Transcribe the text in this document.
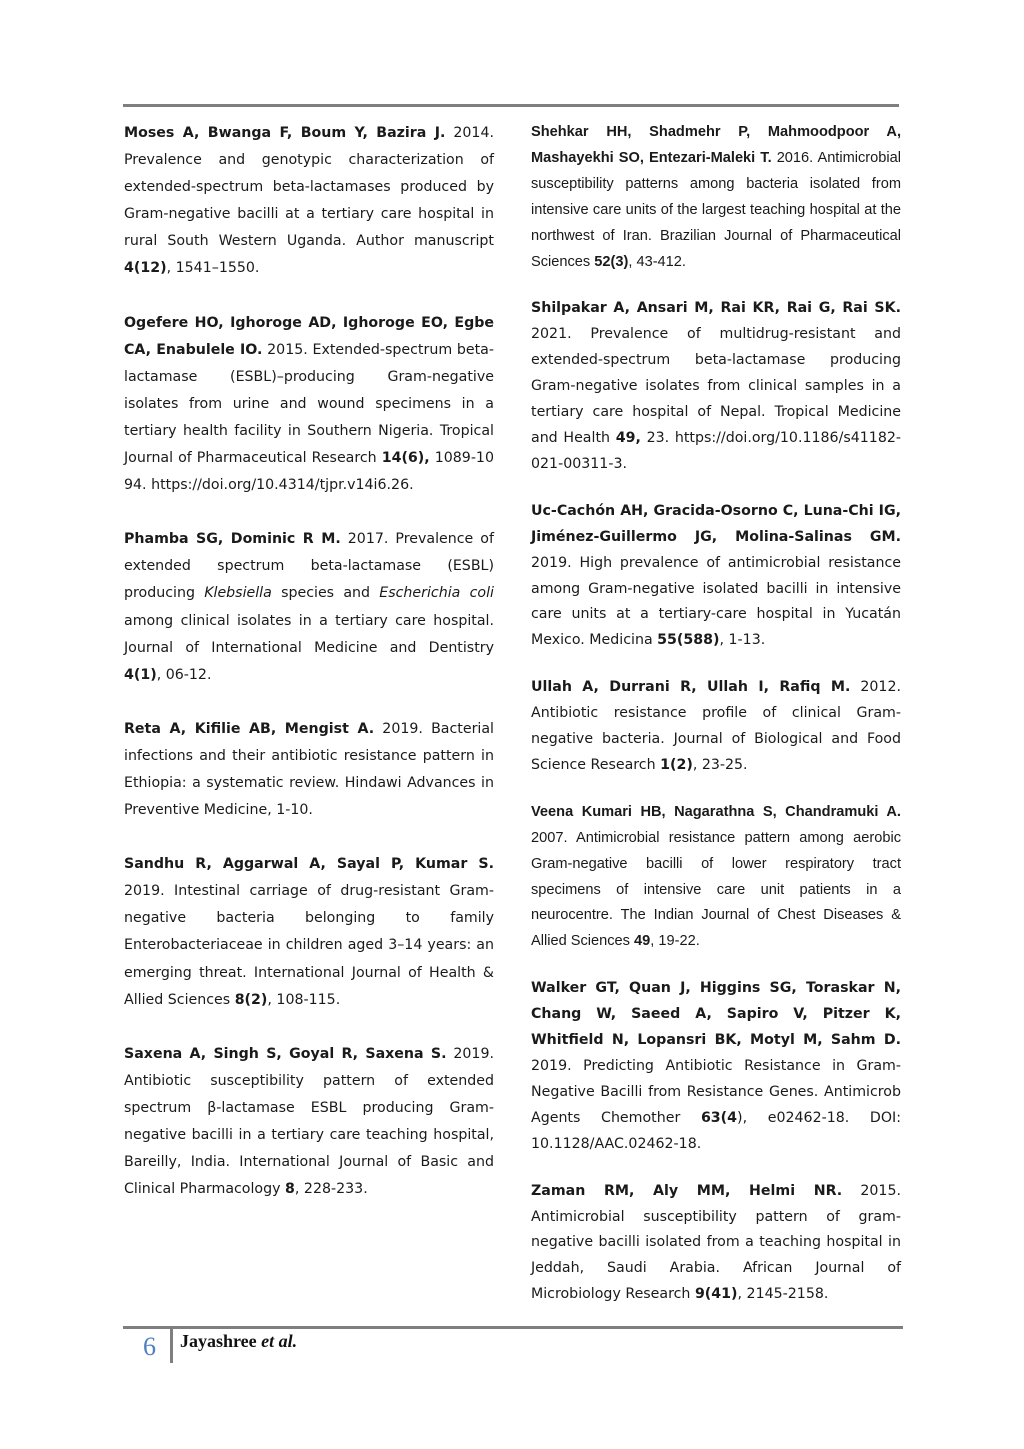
Moses A, Bwanga F, Boum Y, Bazira J. 2014. Prevalence and genotypic characterization of extended-spectrum beta-lactamases produced by Gram-negative bacilli at a tertiary care hospital in rural South Western Uganda. Author manuscript 4(12), 1541–1550.

Ogefere HO, Ighoroge AD, Ighoroge EO, Egbe CA, Enabulele IO. 2015. Extended-spectrum beta-lactamase (ESBL)–producing Gram-negative isolates from urine and wound specimens in a tertiary health facility in Southern Nigeria. Tropical Journal of Pharmaceutical Research 14(6), 1089-1094. https://doi.org/10.4314/tjpr.v14i6.26.

Phamba SG, Dominic R M. 2017. Prevalence of extended spectrum beta-lactamase (ESBL) producing Klebsiella species and Escherichia coli among clinical isolates in a tertiary care hospital. Journal of International Medicine and Dentistry 4(1), 06-12.

Reta A, Kifilie AB, Mengist A. 2019. Bacterial infections and their antibiotic resistance pattern in Ethiopia: a systematic review. Hindawi Advances in Preventive Medicine, 1-10.

Sandhu R, Aggarwal A, Sayal P, Kumar S. 2019. Intestinal carriage of drug-resistant Gram-negative bacteria belonging to family Enterobacteriaceae in children aged 3–14 years: an emerging threat. International Journal of Health & Allied Sciences 8(2), 108-115.

Saxena A, Singh S, Goyal R, Saxena S. 2019. Antibiotic susceptibility pattern of extended spectrum β-lactamase ESBL producing Gram-negative bacilli in a tertiary care teaching hospital, Bareilly, India. International Journal of Basic and Clinical Pharmacology 8, 228-233.

Shehkar HH, Shadmehr P, Mahmoodpoor A, Mashayekhi SO, Entezari-Maleki T. 2016. Antimicrobial susceptibility patterns among bacteria isolated from intensive care units of the largest teaching hospital at the northwest of Iran. Brazilian Journal of Pharmaceutical Sciences 52(3), 43-412.

Shilpakar A, Ansari M, Rai KR, Rai G, Rai SK. 2021. Prevalence of multidrug-resistant and extended-spectrum beta-lactamase producing Gram-negative isolates from clinical samples in a tertiary care hospital of Nepal. Tropical Medicine and Health 49, 23. https://doi.org/10.1186/s41182-021-00311-3.

Uc-Cachón AH, Gracida-Osorno C, Luna-Chi IG, Jiménez-Guillermo JG, Molina-Salinas GM. 2019. High prevalence of antimicrobial resistance among Gram-negative isolated bacilli in intensive care units at a tertiary-care hospital in Yucatán Mexico. Medicina 55(588), 1-13.

Ullah A, Durrani R, Ullah I, Rafiq M. 2012. Antibiotic resistance profile of clinical Gram-negative bacteria. Journal of Biological and Food Science Research 1(2), 23-25.

Veena Kumari HB, Nagarathna S, Chandramuki A. 2007. Antimicrobial resistance pattern among aerobic Gram-negative bacilli of lower respiratory tract specimens of intensive care unit patients in a neurocentre. The Indian Journal of Chest Diseases & Allied Sciences 49, 19-22.

Walker GT, Quan J, Higgins SG, Toraskar N, Chang W, Saeed A, Sapiro V, Pitzer K, Whitfield N, Lopansri BK, Motyl M, Sahm D. 2019. Predicting Antibiotic Resistance in Gram-Negative Bacilli from Resistance Genes. Antimicrob Agents Chemother 63(4), e02462-18. DOI: 10.1128/AAC.02462-18.

Zaman RM, Aly MM, Helmi NR. 2015. Antimicrobial susceptibility pattern of gram-negative bacilli isolated from a teaching hospital in Jeddah, Saudi Arabia. African Journal of Microbiology Research 9(41), 2145-2158.

6 Jayashree et al.
